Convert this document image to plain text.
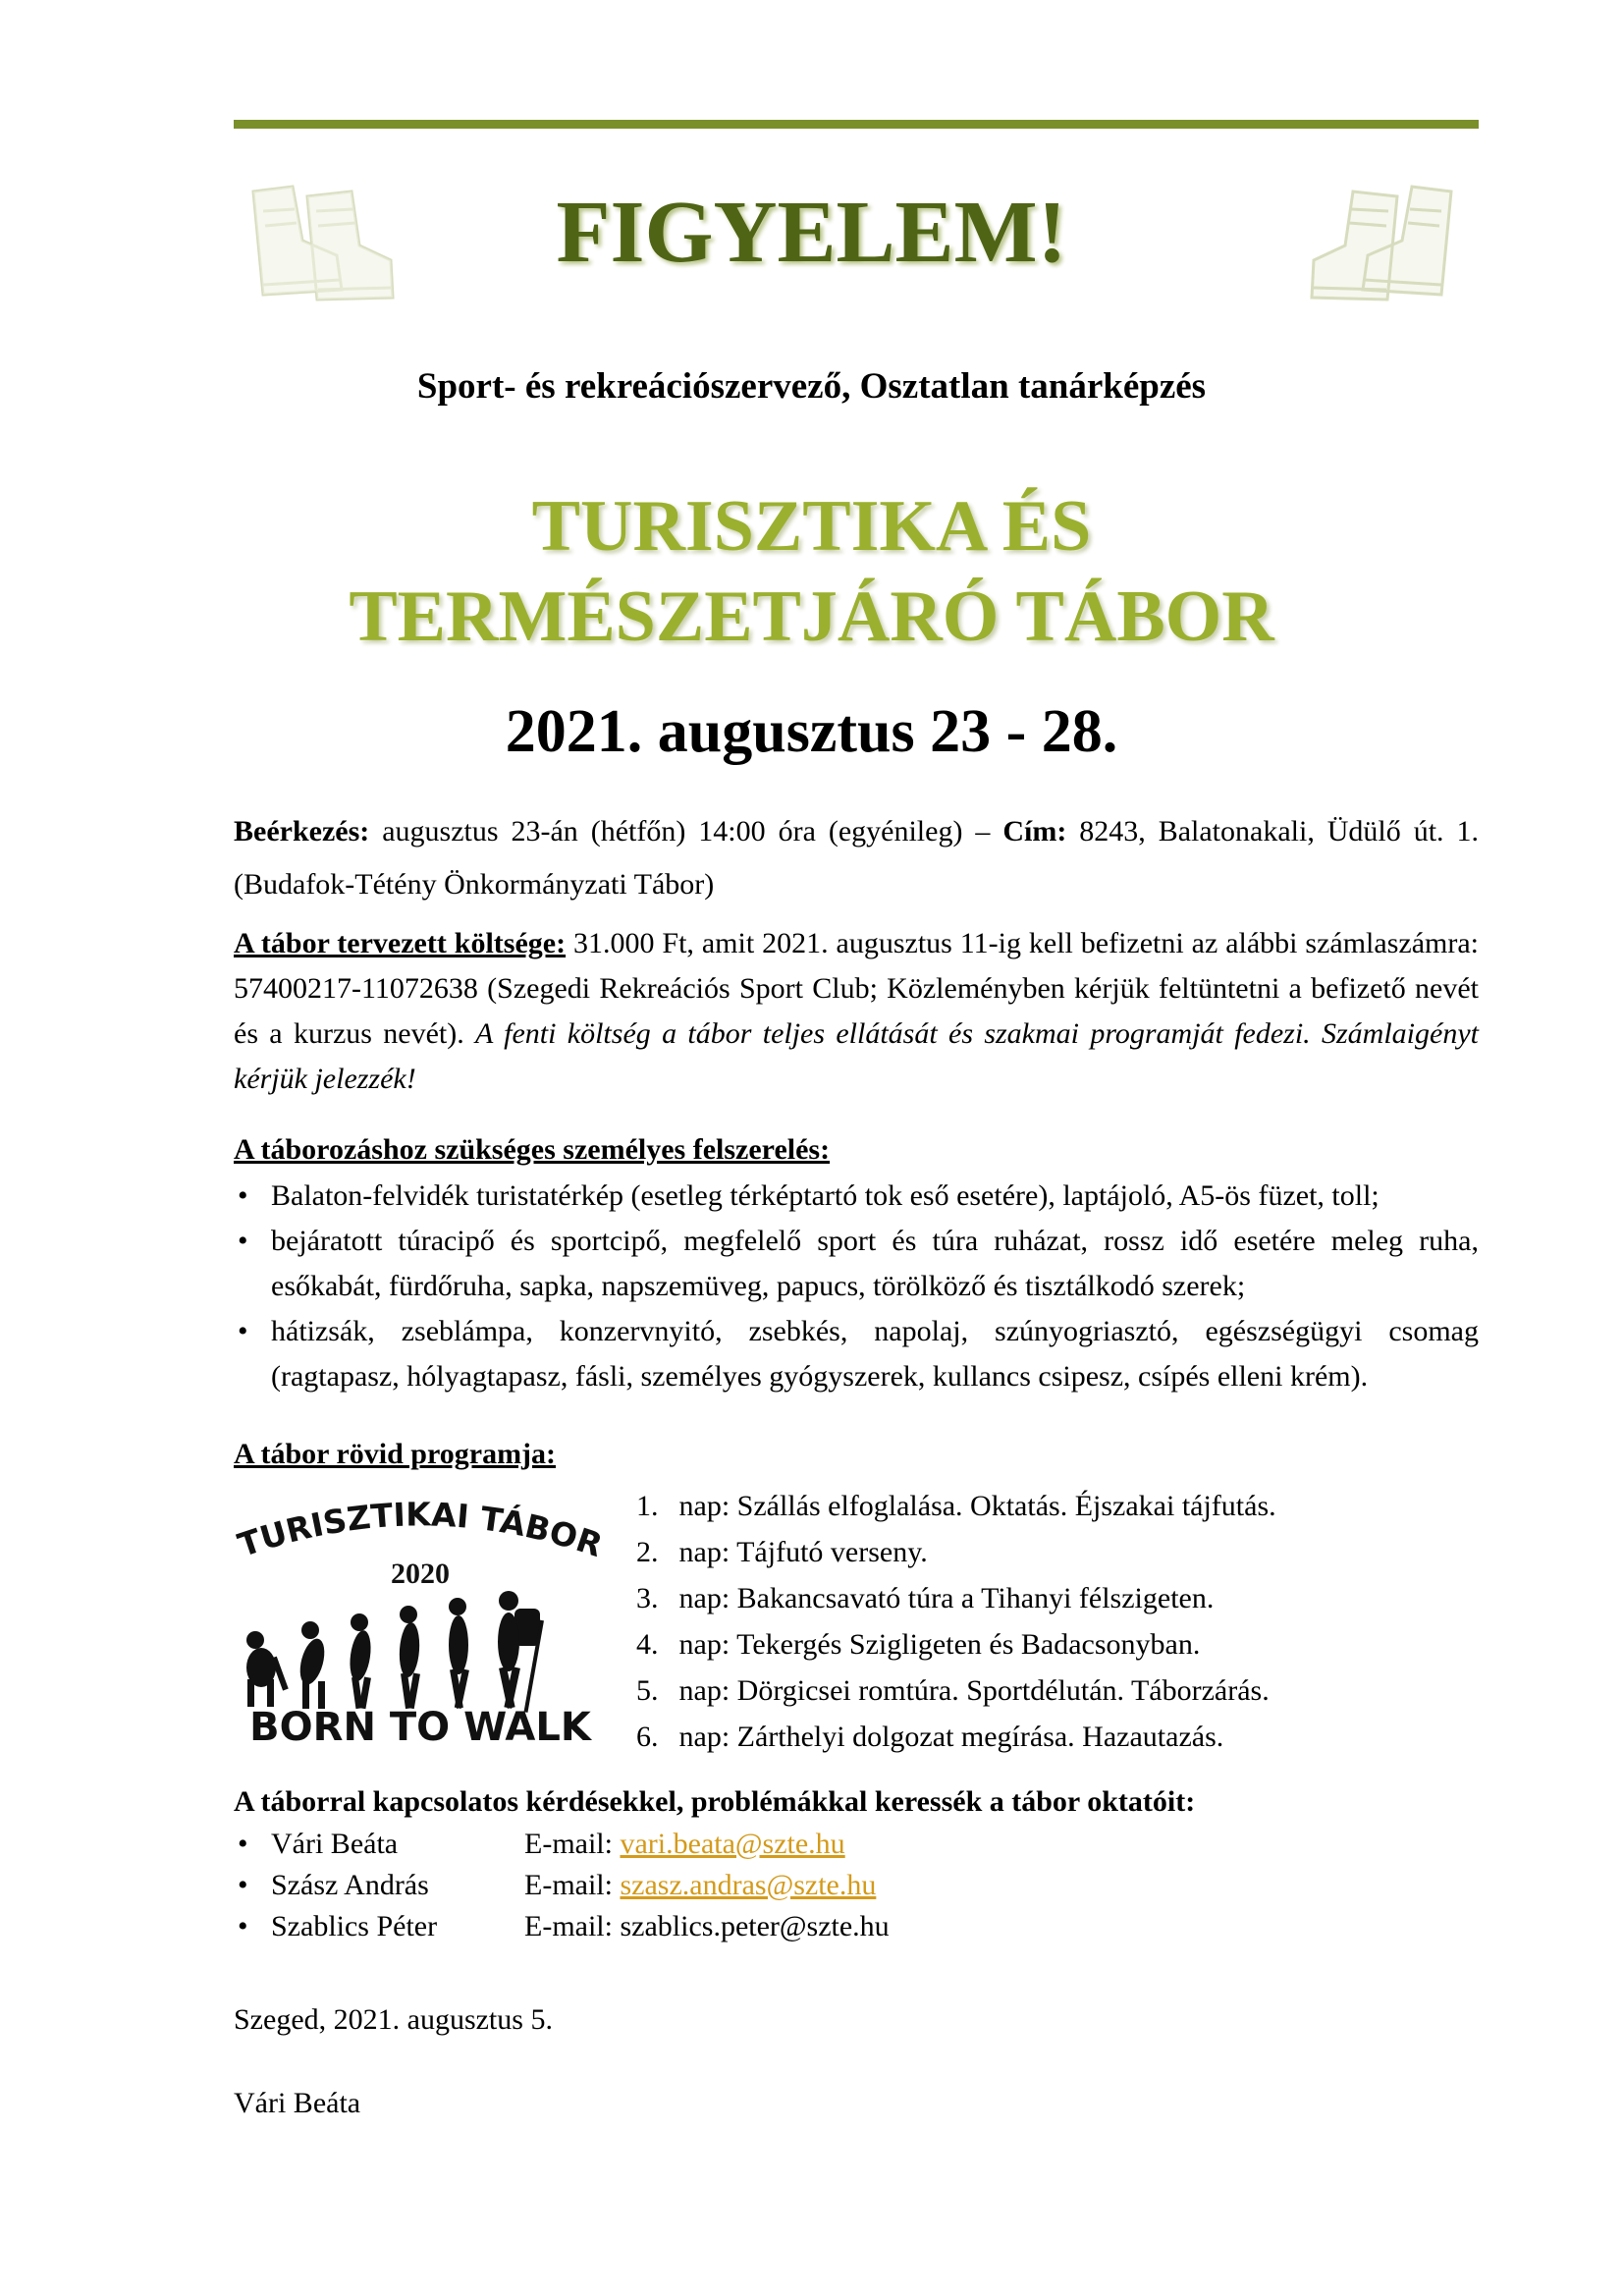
FIGYELEM!
Sport- és rekreációszervező, Osztatlan tanárképzés
TURISZTIKA ÉS
TERMÉSZETJÁRÓ TÁBOR
2021. augusztus 23 - 28.
Beérkezés: augusztus 23-án (hétfőn) 14:00 óra (egyénileg) – Cím: 8243, Balatonakali, Üdülő út. 1. (Budafok-Tétény Önkormányzati Tábor)
A tábor tervezett költsége: 31.000 Ft, amit 2021. augusztus 11-ig kell befizetni az alábbi számlaszámra: 57400217-11072638 (Szegedi Rekreációs Sport Club; Közleményben kérjük feltüntetni a befizető nevét és a kurzus nevét). A fenti költség a tábor teljes ellátását és szakmai programját fedezi. Számlaigényt kérjük jelezzék!
A táborozáshoz szükséges személyes felszerelés:
• Balaton-felvidék turistatérkép (esetleg térképtartó tok eső esetére), laptájoló, A5-ös füzet, toll;
• bejáratott túracipő és sportcipő, megfelelő sport és túra ruházat, rossz idő esetére meleg ruha, esőkabát, fürdőruha, sapka, napszemüveg, papucs, törölköző és tisztálkodó szerek;
• hátizsák, zseblámpa, konzervnyitó, zsebkés, napolaj, szúnyogriasztó, egészségügyi csomag (ragtapasz, hólyagtapasz, fásli, személyes gyógyszerek, kullancs csipesz, csípés elleni krém).
A tábor rövid programja:
TURISZTIKAI TÁBOR
2020
BORN TO WALK
1. nap: Szállás elfoglalása. Oktatás. Éjszakai tájfutás.
2. nap: Tájfutó verseny.
3. nap: Bakancsavató túra a Tihanyi félszigeten.
4. nap: Tekergés Szigligeten és Badacsonyban.
5. nap: Dörgicsei romtúra. Sportdélután. Táborzárás.
6. nap: Zárthelyi dolgozat megírása. Hazautazás.
A táborral kapcsolatos kérdésekkel, problémákkal keressék a tábor oktatóit:
• Vári Beáta	E-mail:
vari.beata@szte.hu
• Szász András	E-mail:
szasz.andras@szte.hu
• Szablics Péter	E-mail:
szablics.peter@szte.hu
Szeged, 2021. augusztus 5.
Vári Beáta
